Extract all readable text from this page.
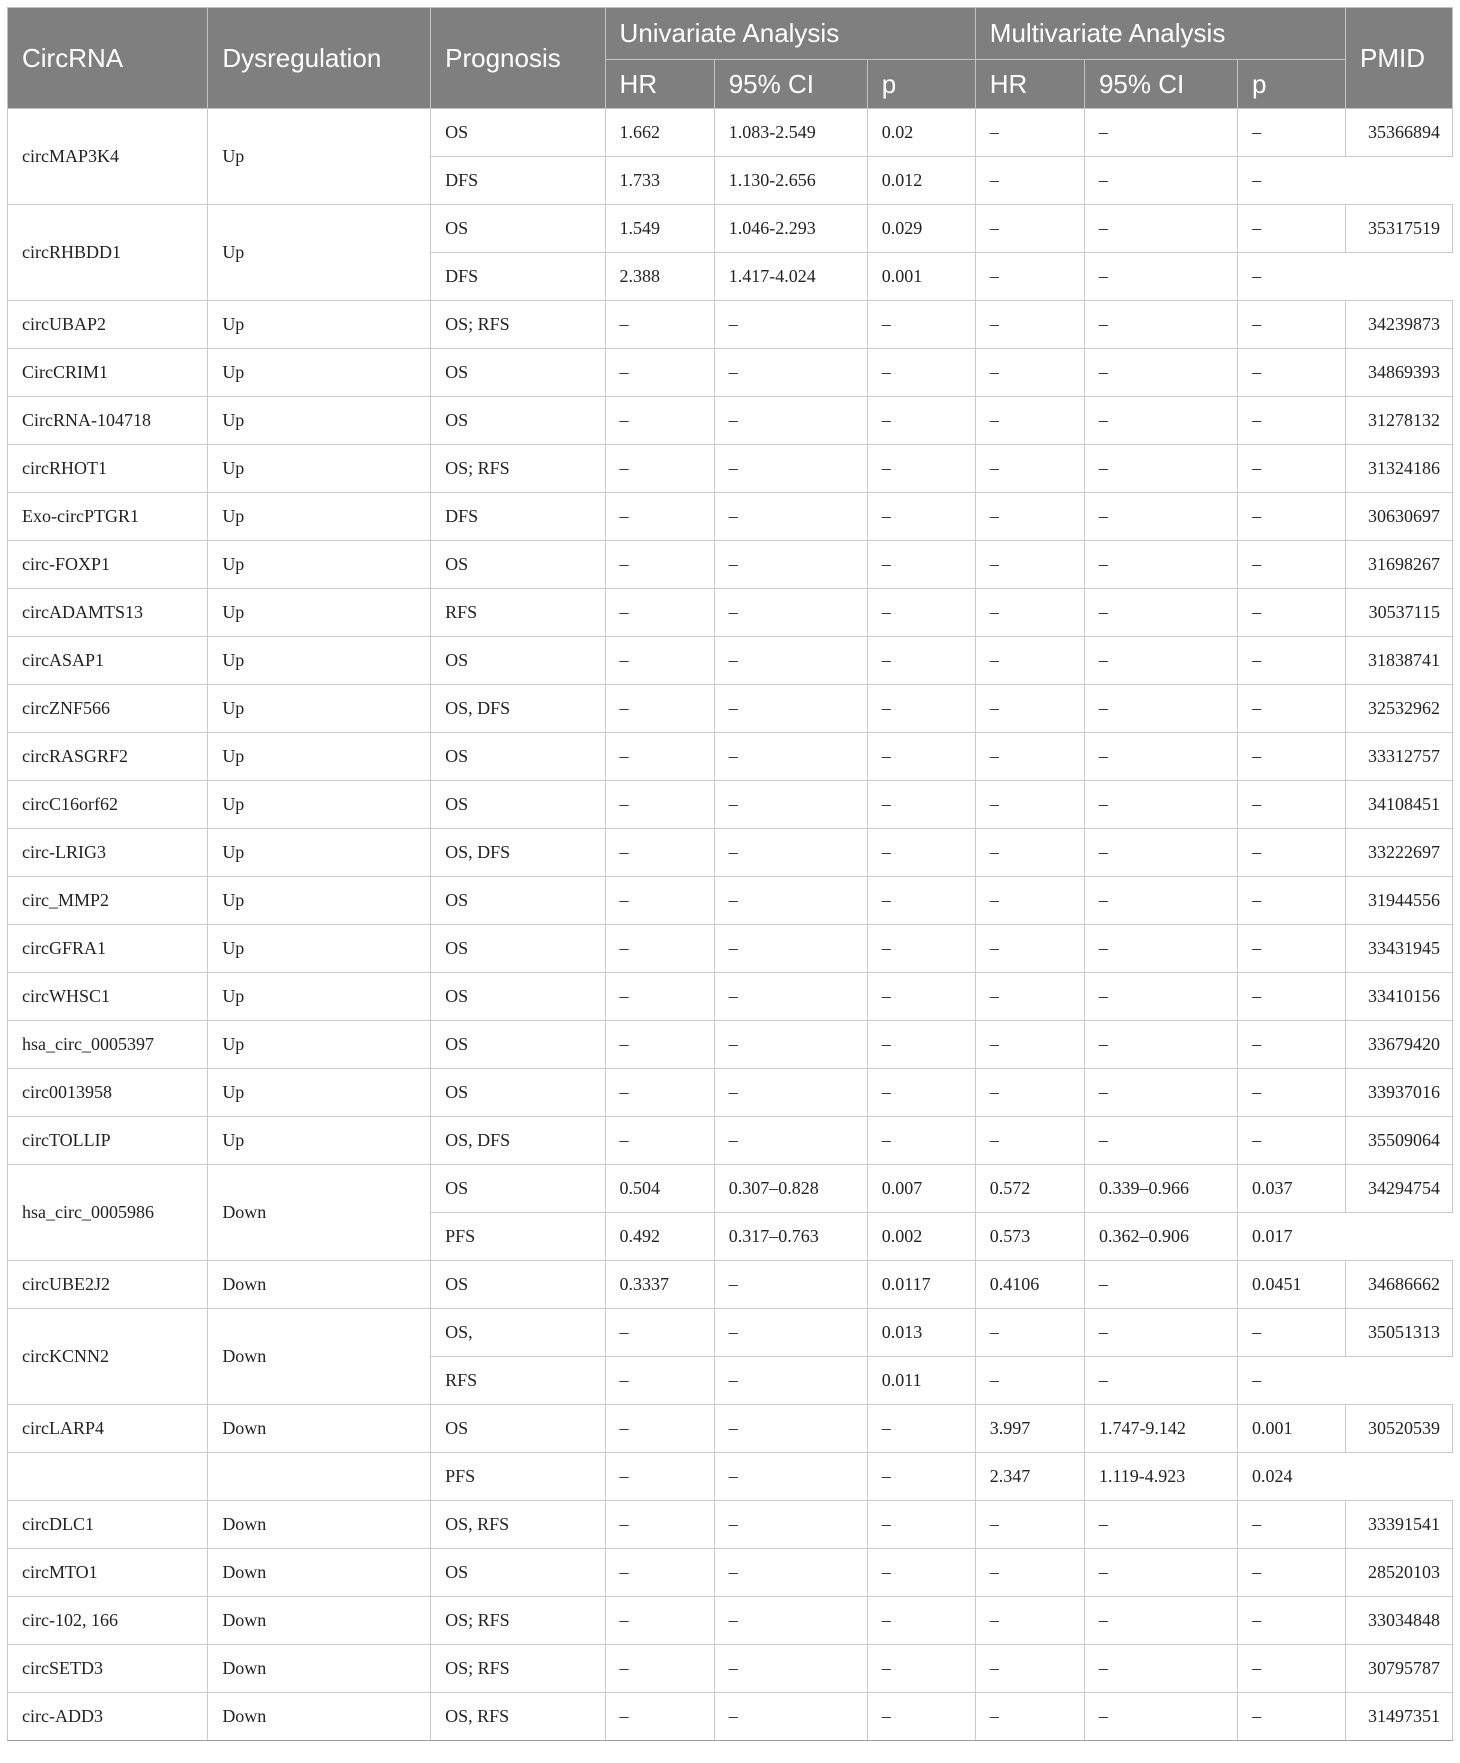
CircRNA	Dysregulation	Prognosis	Univariate Analysis			Multivariate Analysis			PMID
			HR	95% CI	p	HR	95% CI	p	
circMAP3K4	Up	OS	1.662	1.083-2.549	0.02	–	–	–	35366894
		DFS	1.733	1.130-2.656	0.012	–	–	–	
circRHBDD1	Up	OS	1.549	1.046-2.293	0.029	–	–	–	35317519
		DFS	2.388	1.417-4.024	0.001	–	–	–	
circUBAP2	Up	OS; RFS	–	–	–	–	–	–	34239873
CircCRIM1	Up	OS	–	–	–	–	–	–	34869393
CircRNA-104718	Up	OS	–	–	–	–	–	–	31278132
circRHOT1	Up	OS; RFS	–	–	–	–	–	–	31324186
Exo-circPTGR1	Up	DFS	–	–	–	–	–	–	30630697
circ-FOXP1	Up	OS	–	–	–	–	–	–	31698267
circADAMTS13	Up	RFS	–	–	–	–	–	–	30537115
circASAP1	Up	OS	–	–	–	–	–	–	31838741
circZNF566	Up	OS, DFS	–	–	–	–	–	–	32532962
circRASGRF2	Up	OS	–	–	–	–	–	–	33312757
circC16orf62	Up	OS	–	–	–	–	–	–	34108451
circ-LRIG3	Up	OS, DFS	–	–	–	–	–	–	33222697
circ_MMP2	Up	OS	–	–	–	–	–	–	31944556
circGFRA1	Up	OS	–	–	–	–	–	–	33431945
circWHSC1	Up	OS	–	–	–	–	–	–	33410156
hsa_circ_0005397	Up	OS	–	–	–	–	–	–	33679420
circ0013958	Up	OS	–	–	–	–	–	–	33937016
circTOLLIP	Up	OS, DFS	–	–	–	–	–	–	35509064
hsa_circ_0005986	Down	OS	0.504	0.307–0.828	0.007	0.572	0.339–0.966	0.037	34294754
		PFS	0.492	0.317–0.763	0.002	0.573	0.362–0.906	0.017	
circUBE2J2	Down	OS	0.3337	–	0.0117	0.4106	–	0.0451	34686662
circKCNN2	Down	OS,	–	–	0.013	–	–	–	35051313
		RFS	–	–	0.011	–	–	–	
circLARP4	Down	OS	–	–	–	3.997	1.747-9.142	0.001	30520539
		PFS	–	–	–	2.347	1.119-4.923	0.024	
circDLC1	Down	OS, RFS	–	–	–	–	–	–	33391541
circMTO1	Down	OS	–	–	–	–	–	–	28520103
circ-102, 166	Down	OS; RFS	–	–	–	–	–	–	33034848
circSETD3	Down	OS; RFS	–	–	–	–	–	–	30795787
circ-ADD3	Down	OS, RFS	–	–	–	–	–	–	31497351
